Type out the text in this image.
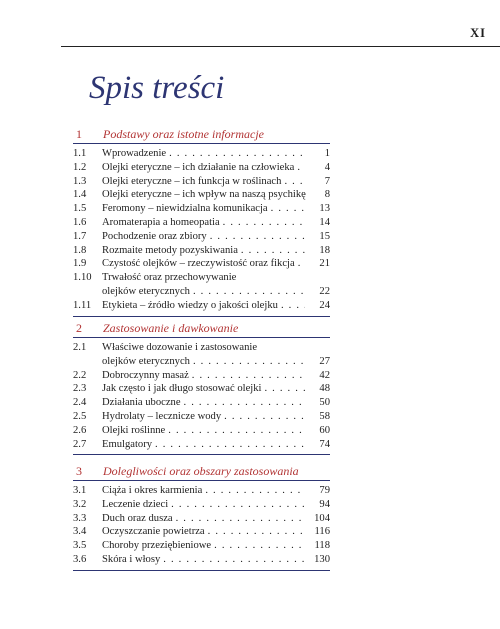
XI
Spis treści
1 Podstawy oraz istotne informacje
1.1	Wprowadzenie . . .	1
1.2	Olejki eteryczne – ich działanie na człowieka . . .	4
1.3	Olejki eteryczne – ich funkcja w roślinach . . .	7
1.4	Olejki eteryczne – ich wpływ na naszą psychikę	8
1.5	Feromony – niewidzialna komunikacja . . .	13
1.6	Aromaterapia a homeopatia . . .	14
1.7	Pochodzenie oraz zbiory . . .	15
1.8	Rozmaite metody pozyskiwania . . .	18
1.9	Czystość olejków – rzeczywistość oraz fikcja . . .	21
1.10 Trwałość oraz przechowywanie
olejków eterycznych . . .	22
1.11	Etykieta – źródło wiedzy o jakości olejku . . .	24
2 Zastosowanie i dawkowanie
2.1	Właściwe dozowanie i zastosowanie
olejków eterycznych . . .	27
2.2	Dobroczynny masaż . . .	42
2.3	Jak często i jak długo stosować olejki . . .	48
2.4	Działania uboczne . . .	50
2.5	Hydrolaty – lecznicze wody . . .	58
2.6	Olejki roślinne . . .	60
2.7	Emulgatory . . .	74
3 Dolegliwości oraz obszary zastosowania
3.1	Ciąża i okres karmienia . . .	79
3.2	Leczenie dzieci . . .	94
3.3	Duch oraz dusza . . .	104
3.4	Oczyszczanie powietrza . . .	116
3.5	Choroby przeziębieniowe . . .	118
3.6	Skóra i włosy . . .	130
